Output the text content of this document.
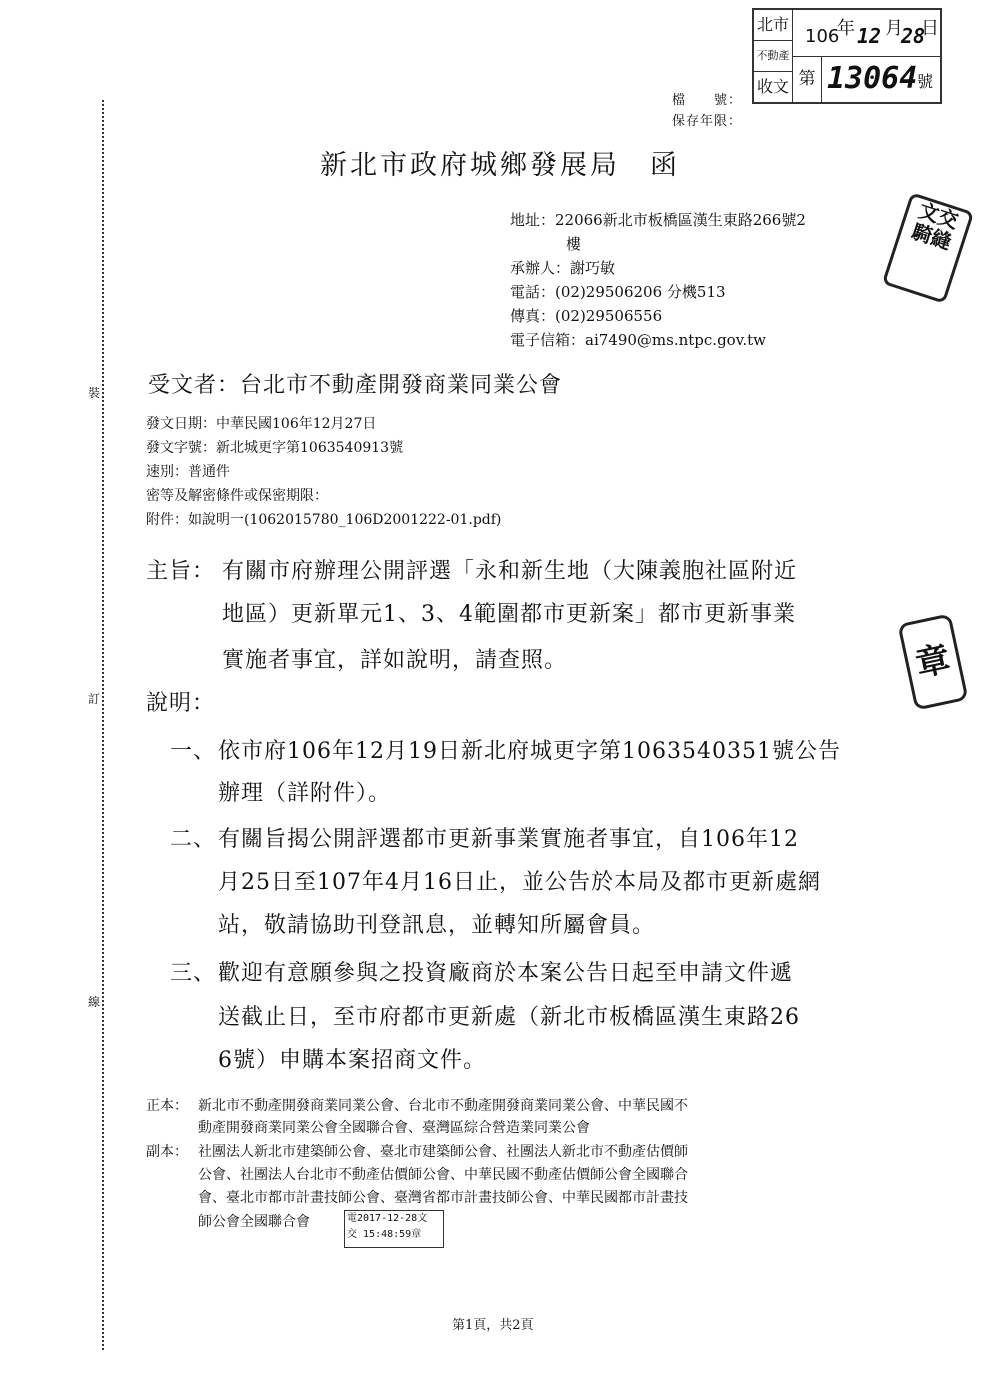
北市
不動產
收文
106
年 12 月
28
日
第 13064 號
檔　　號：
保存年限：
新北市政府城鄉發展局　函
地址：22066新北市板橋區漢生東路266號2
樓
承辦人：謝巧敏
電話：(02)29506206 分機513
傳真：(02)29506556
電子信箱：ai7490@ms.ntpc.gov.tw
文交
騎縫
章
裝
訂
線
受文者：台北市不動產開發商業同業公會
發文日期：中華民國106年12月27日
發文字號：新北城更字第1063540913號
速別：普通件
密等及解密條件或保密期限：
附件：如說明一(1062015780_106D2001222-01.pdf)
主旨： 有關市府辦理公開評選「永和新生地（大陳義胞社區附近
地區）更新單元1、3、4範圍都市更新案」都市更新事業
實施者事宜，詳如說明，請查照。
說明：
一、 依市府106年12月19日新北府城更字第1063540351號公告
辦理（詳附件）。
二、 有關旨揭公開評選都市更新事業實施者事宜，自106年12
月25日至107年4月16日止，並公告於本局及都市更新處網
站，敬請協助刊登訊息，並轉知所屬會員。
三、 歡迎有意願參與之投資廠商於本案公告日起至申請文件遞
送截止日，至市府都市更新處（新北市板橋區漢生東路26
6號）申購本案招商文件。
正本： 新北市不動產開發商業同業公會、台北市不動產開發商業同業公會、中華民國不
動產開發商業同業公會全國聯合會、臺灣區綜合營造業同業公會
副本： 社團法人新北市建築師公會、臺北市建築師公會、社團法人新北市不動產估價師
公會、社團法人台北市不動產估價師公會、中華民國不動產估價師公會全國聯合
會、臺北市都市計畫技師公會、臺灣省都市計畫技師公會、中華民國都市計畫技
師公會全國聯合會	電2017-12-28文
交 15:48:59章
第1頁，共2頁
